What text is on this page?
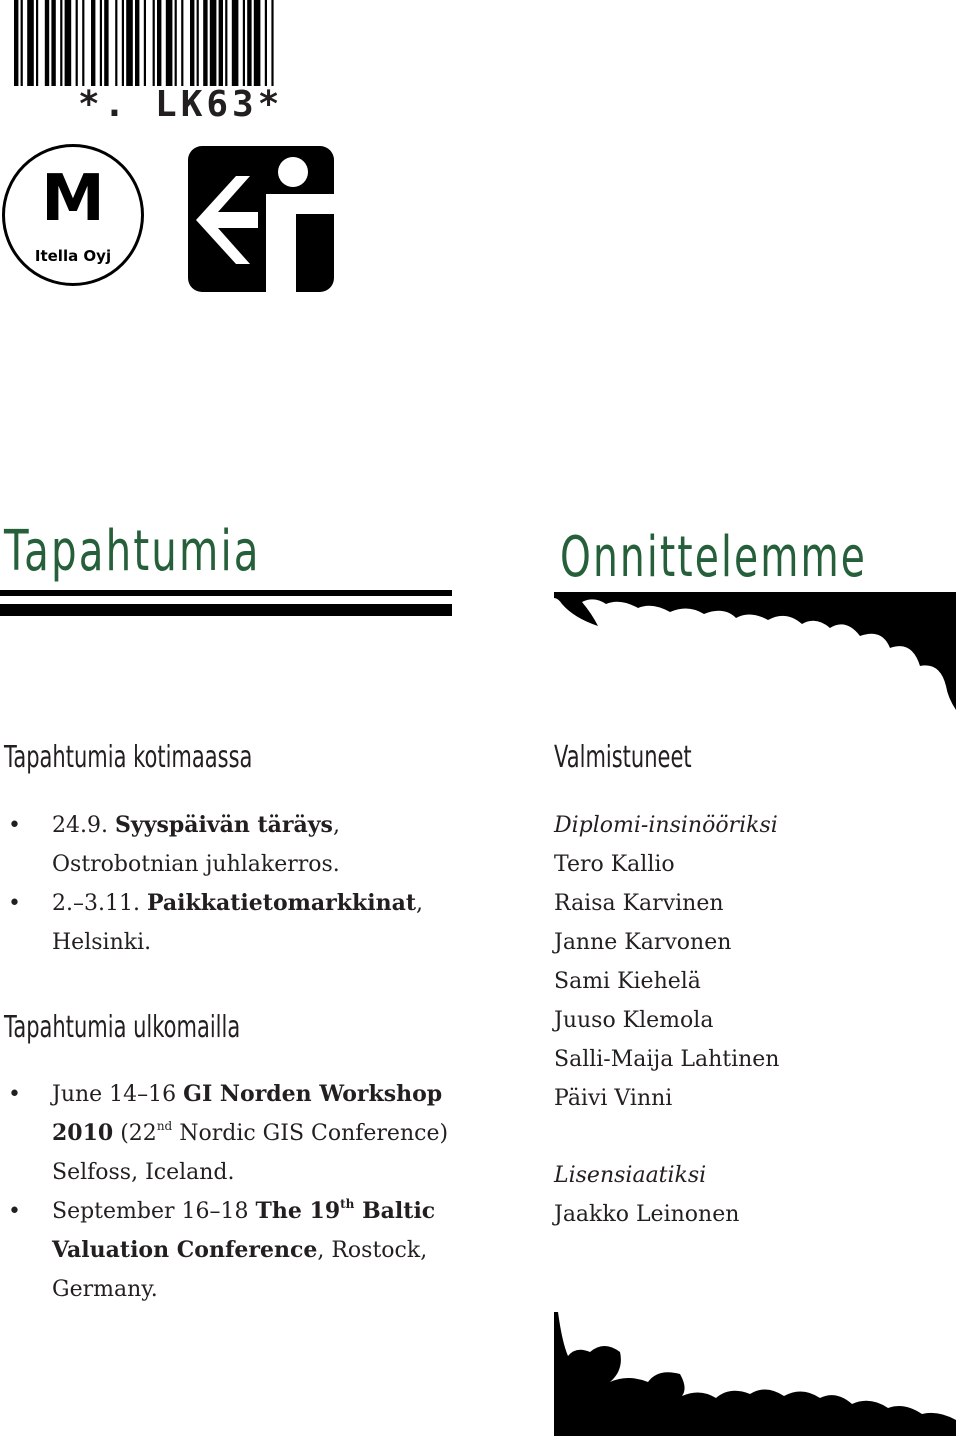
*. LK63*
M
Itella Oyj
Tapahtumia
Tapahtumia kotimaassa
• 24.9. Syyspäivän täräys, Ostrobotnian juhlakerros.
• 2.–3.11. Paikkatietomarkkinat, Helsinki.
Tapahtumia ulkomailla
• June 14–16 GI Norden Workshop 2010 (22nd Nordic GIS Conference) Selfoss, Iceland.
• September 16–18 The 19th Baltic Valuation Conference, Rostock, Germany.
Onnittelemme
Valmistuneet
Diplomi-insinööriksi
Tero Kallio
Raisa Karvinen
Janne Karvonen
Sami Kiehelä
Juuso Klemola
Salli-Maija Lahtinen
Päivi Vinni
Lisensiaatiksi
Jaakko Leinonen
